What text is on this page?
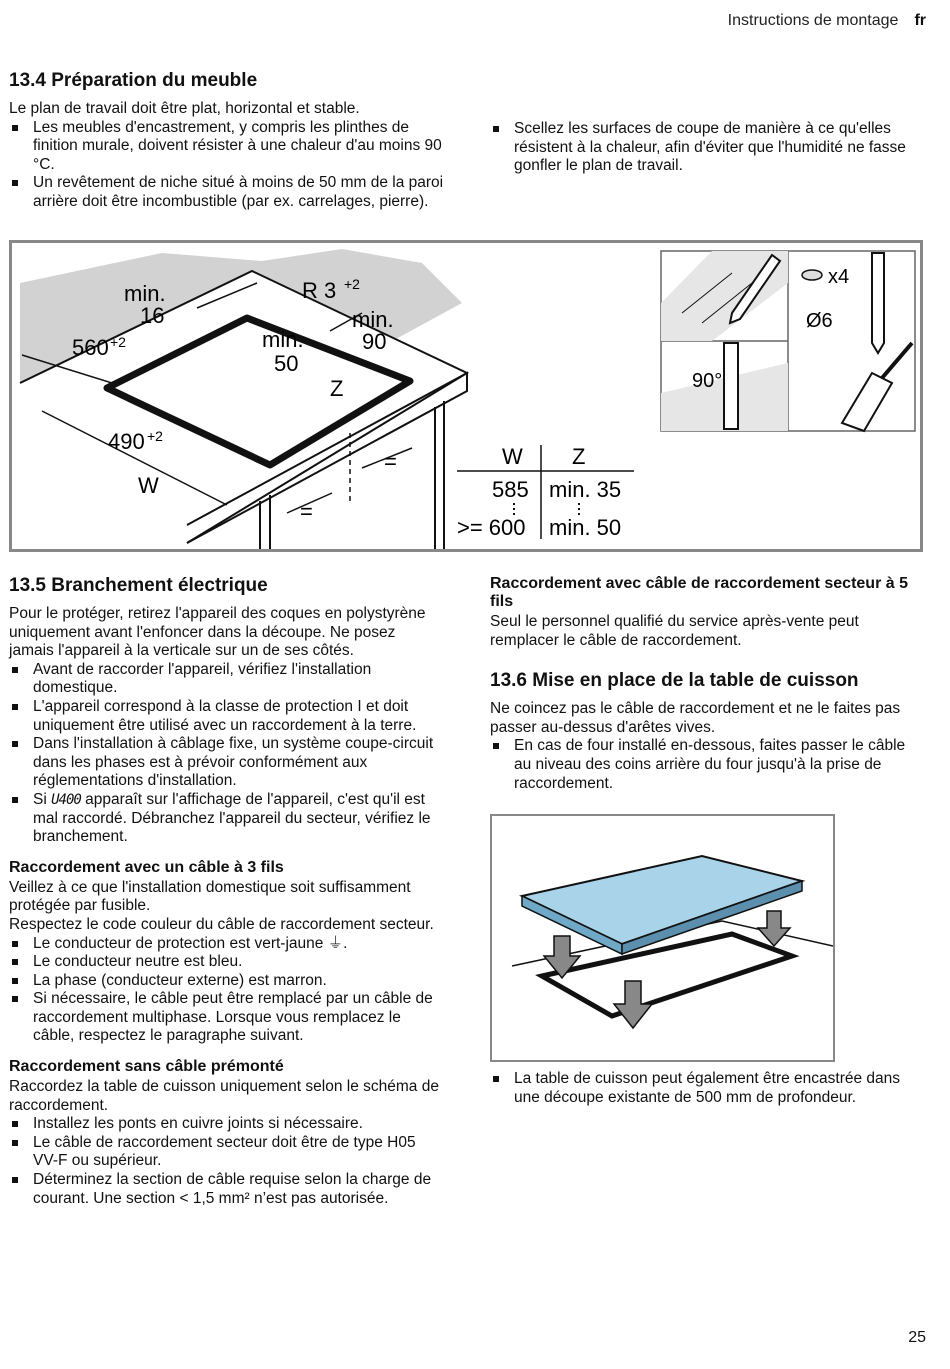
Instructions de montage fr
13.4 Préparation du meuble

Le plan de travail doit être plat, horizontal et stable.

Les meubles d'encastrement, y compris les plinthes de finition murale, doivent résister à une chaleur d'au moins 90 °C.
Un revêtement de niche situé à moins de 50 mm de la paroi arrière doit être incombustible (par ex. carrelages, pierre).
Scellez les surfaces de coupe de manière à ce qu'elles résistent à la chaleur, afin d'éviter que l'humidité ne fasse gonfler le plan de travail.
min.
16
R 3 +2
min.
90
min.
50
560 +2
490 +2
Z
W
=
=	W Z
585 min. 35
>= 600 min. 50
90°
x4
Ø6
13.5 Branchement électrique

Pour le protéger, retirez l'appareil des coques en polystyrène uniquement avant l'enfoncer dans la découpe. Ne posez jamais l'appareil à la verticale sur un de ses côtés.

Avant de raccorder l'appareil, vérifiez l'installation domestique.
L'appareil correspond à la classe de protection I et doit uniquement être utilisé avec un raccordement à la terre.
Dans l'installation à câblage fixe, un système coupe-circuit dans les phases est à prévoir conformément aux réglementations d'installation.
Si U400 apparaît sur l'affichage de l'appareil, c'est qu'il est mal raccordé. Débranchez l'appareil du secteur, vérifiez le branchement.
Raccordement avec un câble à 3 fils

Veillez à ce que l'installation domestique soit suffisamment protégée par fusible.

Respectez le code couleur du câble de raccordement secteur.

Le conducteur de protection est vert-jaune ⏚.
Le conducteur neutre est bleu.
La phase (conducteur externe) est marron.
Si nécessaire, le câble peut être remplacé par un câble de raccordement multiphase. Lorsque vous remplacez le câble, respectez le paragraphe suivant.
Raccordement sans câble prémonté

Raccordez la table de cuisson uniquement selon le schéma de raccordement.

Installez les ponts en cuivre joints si nécessaire.
Le câble de raccordement secteur doit être de type H05 VV-F ou supérieur.
Déterminez la section de câble requise selon la charge de courant. Une section < 1,5 mm² n’est pas autorisée.
Raccordement avec câble de raccordement secteur à 5 fils

Seul le personnel qualifié du service après-vente peut remplacer le câble de raccordement.

13.6 Mise en place de la table de cuisson

Ne coincez pas le câble de raccordement et ne le faites pas passer au-dessus d'arêtes vives.

En cas de four installé en-dessous, faites passer le câble au niveau des coins arrière du four jusqu'à la prise de raccordement.
La table de cuisson peut également être encastrée dans une découpe existante de 500 mm de profondeur.
25
